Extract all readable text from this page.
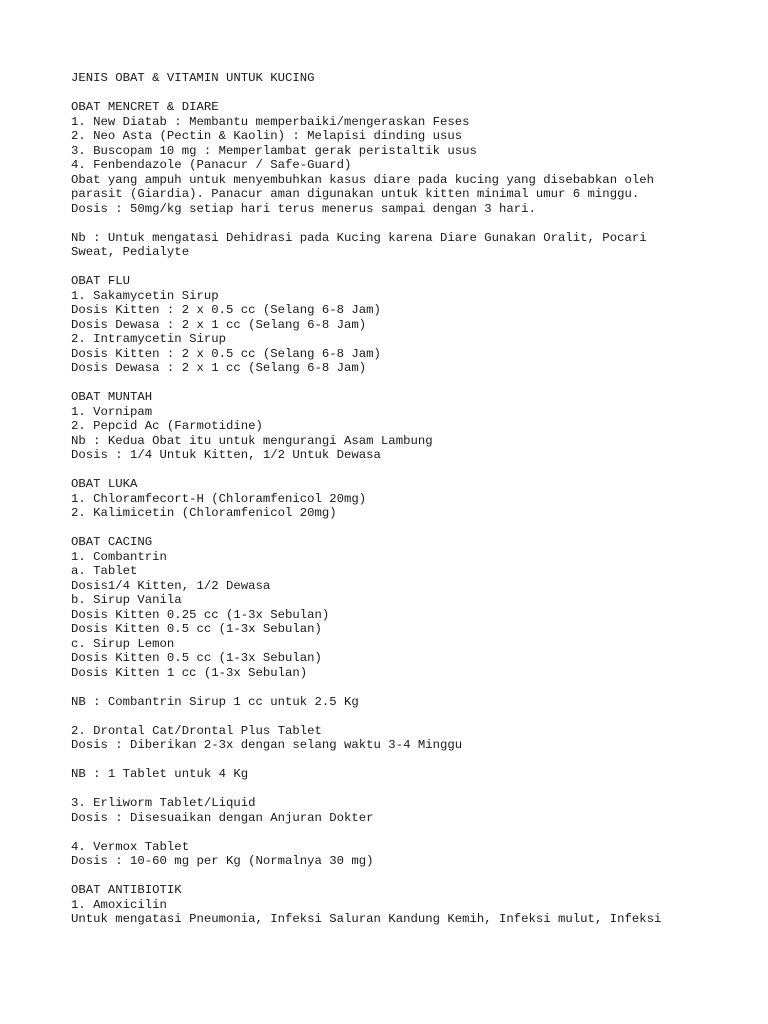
JENIS OBAT & VITAMIN UNTUK KUCING
OBAT MENCRET & DIARE
1. New Diatab : Membantu memperbaiki/mengeraskan Feses
2. Neo Asta (Pectin & Kaolin) : Melapisi dinding usus
3. Buscopam 10 mg : Memperlambat gerak peristaltik usus
4. Fenbendazole (Panacur / Safe-Guard)
Obat yang ampuh untuk menyembuhkan kasus diare pada kucing yang disebabkan oleh
parasit (Giardia). Panacur aman digunakan untuk kitten minimal umur 6 minggu.
Dosis : 50mg/kg setiap hari terus menerus sampai dengan 3 hari.
Nb : Untuk mengatasi Dehidrasi pada Kucing karena Diare Gunakan Oralit, Pocari
Sweat, Pedialyte
OBAT FLU
1. Sakamycetin Sirup
Dosis Kitten : 2 x 0.5 cc (Selang 6-8 Jam)
Dosis Dewasa : 2 x 1 cc (Selang 6-8 Jam)
2. Intramycetin Sirup
Dosis Kitten : 2 x 0.5 cc (Selang 6-8 Jam)
Dosis Dewasa : 2 x 1 cc (Selang 6-8 Jam)
OBAT MUNTAH
1. Vornipam
2. Pepcid Ac (Farmotidine)
Nb : Kedua Obat itu untuk mengurangi Asam Lambung
Dosis : 1/4 Untuk Kitten, 1/2 Untuk Dewasa
OBAT LUKA
1. Chloramfecort-H (Chloramfenicol 20mg)
2. Kalimicetin (Chloramfenicol 20mg)
OBAT CACING
1. Combantrin
a. Tablet
Dosis1/4 Kitten, 1/2 Dewasa
b. Sirup Vanila
Dosis Kitten 0.25 cc (1-3x Sebulan)
Dosis Kitten 0.5 cc (1-3x Sebulan)
c. Sirup Lemon
Dosis Kitten 0.5 cc (1-3x Sebulan)
Dosis Kitten 1 cc (1-3x Sebulan)
NB : Combantrin Sirup 1 cc untuk 2.5 Kg
2. Drontal Cat/Drontal Plus Tablet
Dosis : Diberikan 2-3x dengan selang waktu 3-4 Minggu
NB : 1 Tablet untuk 4 Kg
3. Erliworm Tablet/Liquid
Dosis : Disesuaikan dengan Anjuran Dokter
4. Vermox Tablet
Dosis : 10-60 mg per Kg (Normalnya 30 mg)
OBAT ANTIBIOTIK
1. Amoxicilin
Untuk mengatasi Pneumonia, Infeksi Saluran Kandung Kemih, Infeksi mulut, Infeksi
